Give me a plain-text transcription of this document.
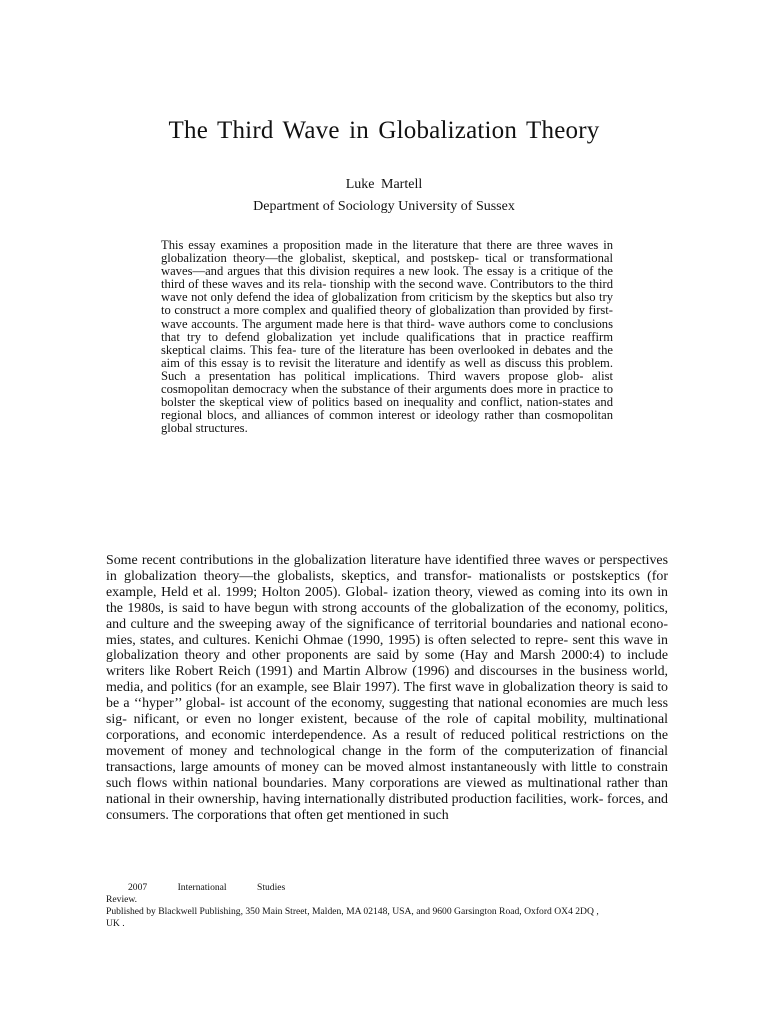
The Third Wave in Globalization Theory
Luke Martell
Department of Sociology University of Sussex
This essay examines a proposition made in the literature that there are three waves in globalization theory—the globalist, skeptical, and postskep- tical or transformational waves—and argues that this division requires a new look. The essay is a critique of the third of these waves and its rela- tionship with the second wave. Contributors to the third wave not only defend the idea of globalization from criticism by the skeptics but also try to construct a more complex and qualified theory of globalization than provided by first-wave accounts. The argument made here is that third- wave authors come to conclusions that try to defend globalization yet include qualifications that in practice reaffirm skeptical claims. This fea- ture of the literature has been overlooked in debates and the aim of this essay is to revisit the literature and identify as well as discuss this problem. Such a presentation has political implications. Third wavers propose glob- alist cosmopolitan democracy when the substance of their arguments does more in practice to bolster the skeptical view of politics based on inequality and conflict, nation-states and regional blocs, and alliances of common interest or ideology rather than cosmopolitan global structures.
Some recent contributions in the globalization literature have identified three waves or perspectives in globalization theory—the globalists, skeptics, and transfor- mationalists or postskeptics (for example, Held et al. 1999; Holton 2005). Global- ization theory, viewed as coming into its own in the 1980s, is said to have begun with strong accounts of the globalization of the economy, politics, and culture and the sweeping away of the significance of territorial boundaries and national econo- mies, states, and cultures. Kenichi Ohmae (1990, 1995) is often selected to repre- sent this wave in globalization theory and other proponents are said by some (Hay and Marsh 2000:4) to include writers like Robert Reich (1991) and Martin Albrow (1996) and discourses in the business world, media, and politics (for an example, see Blair 1997). The first wave in globalization theory is said to be a ‘‘hyper’’ global- ist account of the economy, suggesting that national economies are much less sig- nificant, or even no longer existent, because of the role of capital mobility, multinational corporations, and economic interdependence. As a result of reduced political restrictions on the movement of money and technological change in the form of the computerization of financial transactions, large amounts of money can be moved almost instantaneously with little to constrain such flows within national boundaries. Many corporations are viewed as multinational rather than national in their ownership, having internationally distributed production facilities, work- forces, and consumers. The corporations that often get mentioned in such
2007 International Studies
Review.
Published by Blackwell Publishing, 350 Main Street, Malden, MA 02148, USA, and 9600 Garsington Road, Oxford OX4 2DQ ,
UK .
